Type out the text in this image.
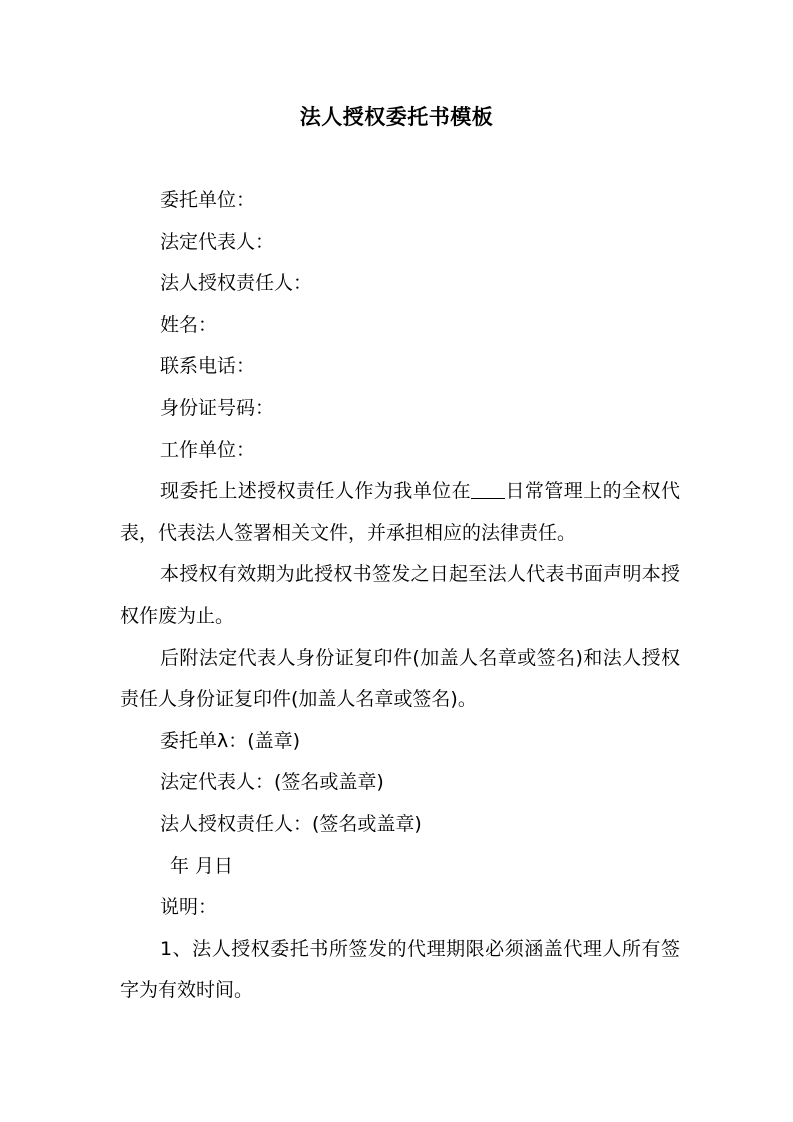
法人授权委托书模板
委托单位：
法定代表人：
法人授权责任人：
姓名：
联系电话：
身份证号码：
工作单位：
现委托上述授权责任人作为我单位在 日常管理上的全权代表，代表法人签署相关文件，并承担相应的法律责任。
本授权有效期为此授权书签发之日起至法人代表书面声明本授权作废为止。
后附法定代表人身份证复印件(加盖人名章或签名)和法人授权责任人身份证复印件(加盖人名章或签名)。
委托单λ：(盖章)
法定代表人：(签名或盖章)
法人授权责任人：(签名或盖章)
年 月日
说明：
1、法人授权委托书所签发的代理期限必须涵盖代理人所有签字为有效时间。
